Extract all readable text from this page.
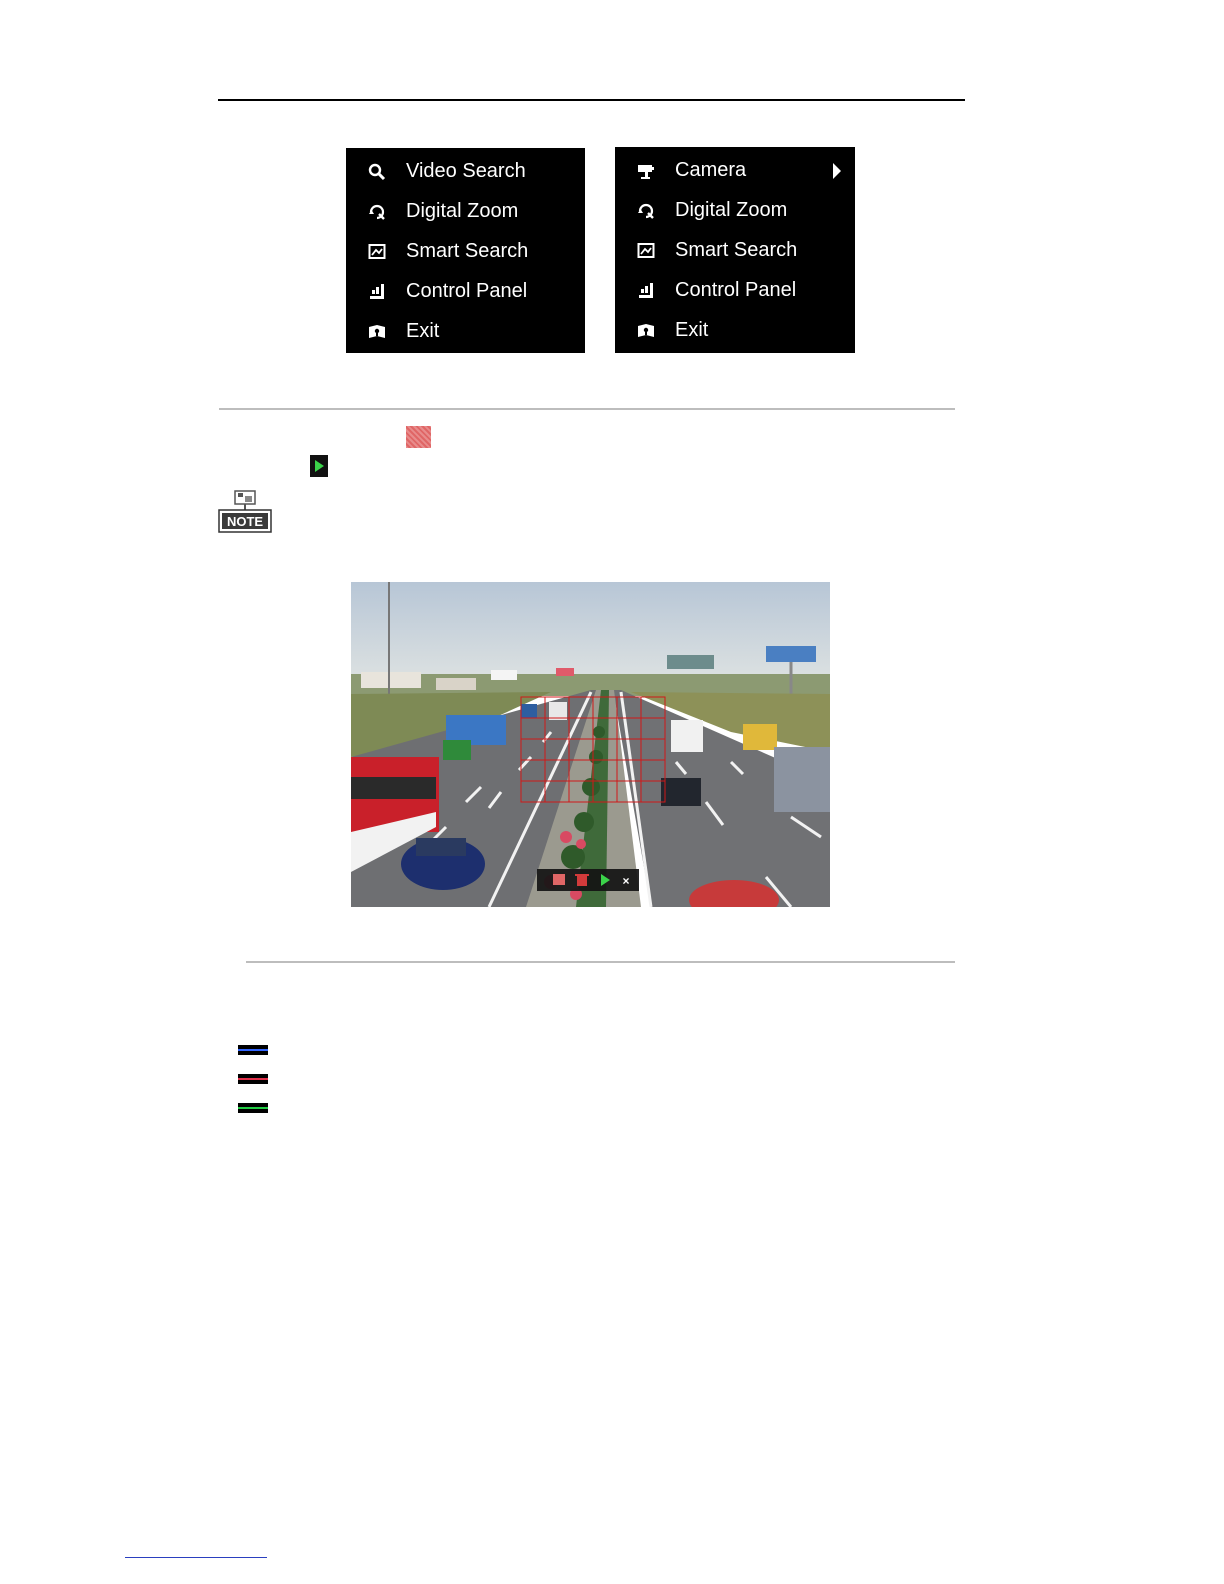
Video Search
Digital Zoom
Smart Search
Control Panel
Exit
Camera
Digital Zoom
Smart Search
Control Panel
Exit
NOTE
×
